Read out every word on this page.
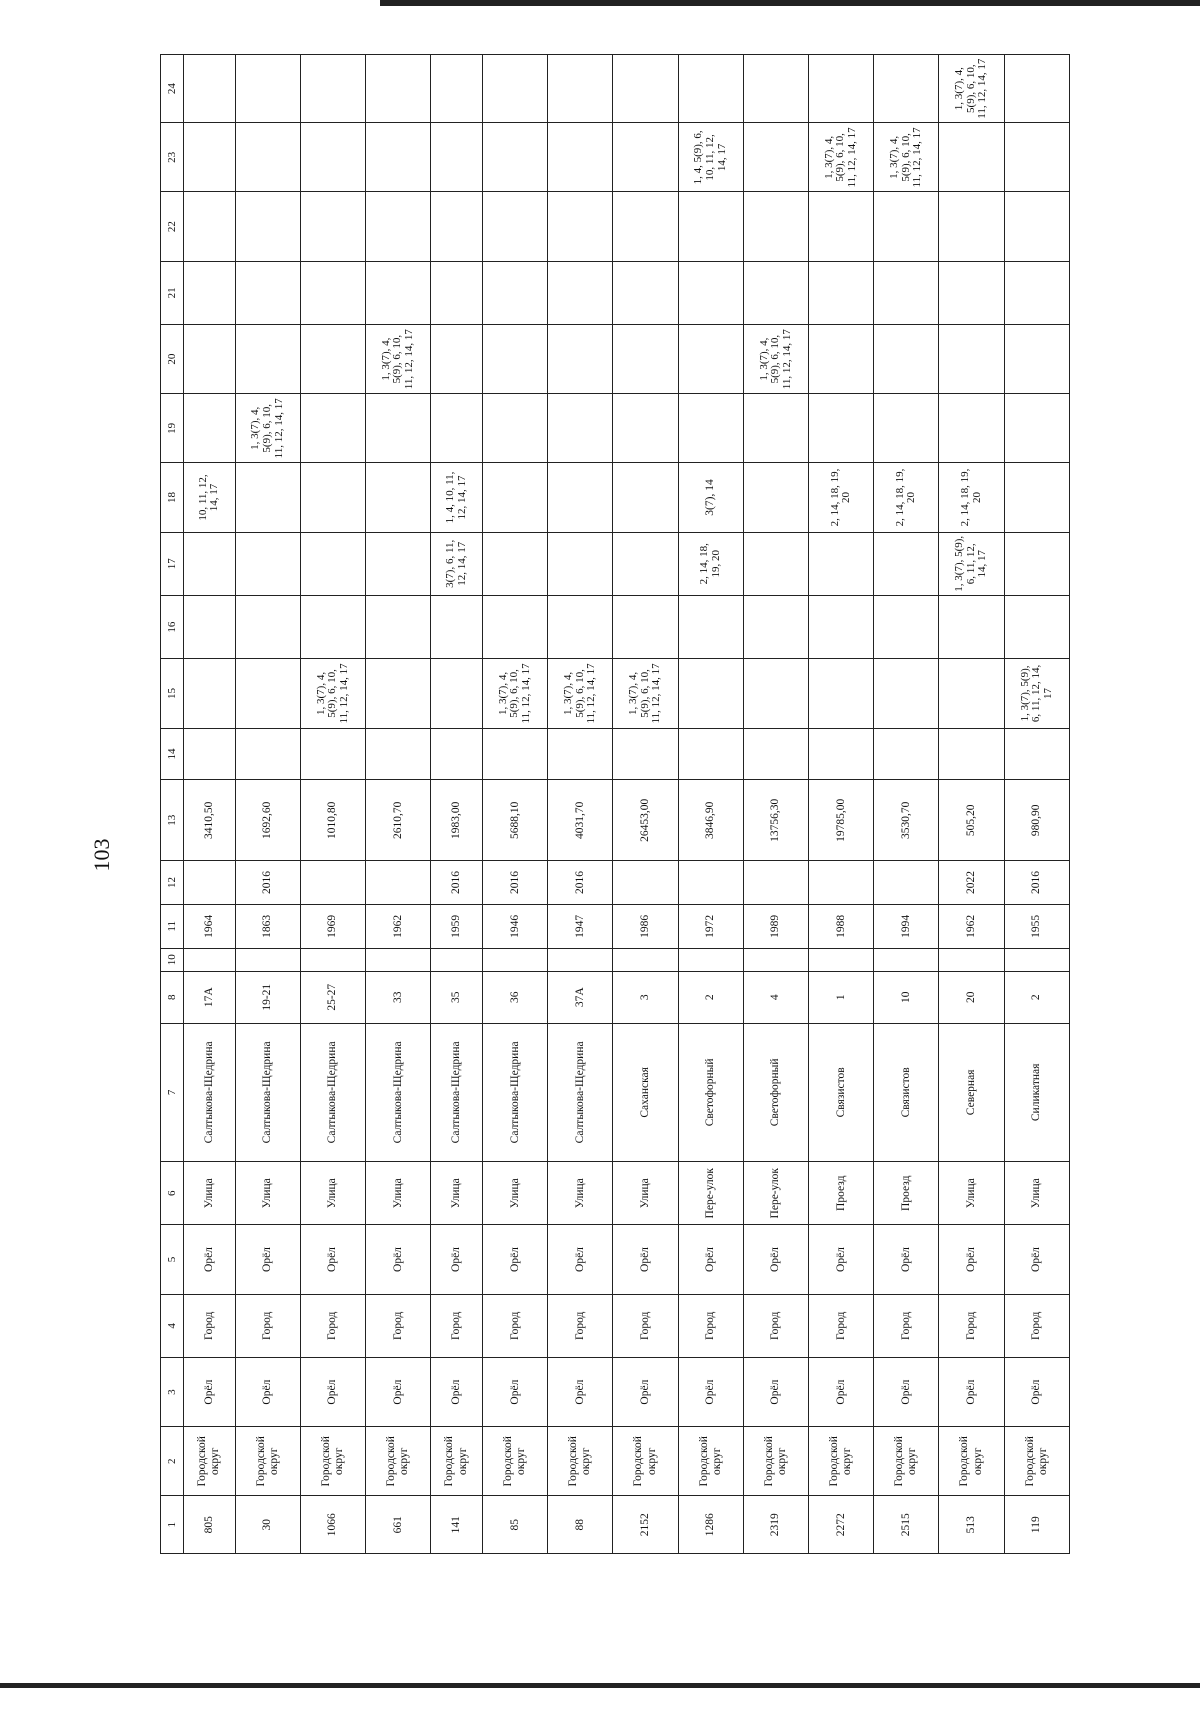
103
1	2	3	4	5	6	7	8	10	11	12	13	14	15	16	17	18	19	20	21	22	23	24
805	Городской округ	Орёл	Город	Орёл	Улица	Салтыкова-Щедрина	17А		1964		3410,50					10, 11, 12, 14, 17						
30	Городской округ	Орёл	Город	Орёл	Улица	Салтыкова-Щедрина	19-21		1863	2016	1692,60						1, 3(7), 4, 5(9), 6, 10, 11, 12, 14, 17					
1066	Городской округ	Орёл	Город	Орёл	Улица	Салтыкова-Щедрина	25-27		1969		1010,80		1, 3(7), 4, 5(9), 6, 10, 11, 12, 14, 17									
661	Городской округ	Орёл	Город	Орёл	Улица	Салтыкова-Щедрина	33		1962		2610,70							1, 3(7), 4, 5(9), 6, 10, 11, 12, 14, 17				
141	Городской округ	Орёл	Город	Орёл	Улица	Салтыкова-Щедрина	35		1959	2016	1983,00				3(7), 6, 11, 12, 14, 17	1, 4, 10, 11, 12, 14, 17						
85	Городской округ	Орёл	Город	Орёл	Улица	Салтыкова-Щедрина	36		1946	2016	5688,10		1, 3(7), 4, 5(9), 6, 10, 11, 12, 14, 17									
88	Городской округ	Орёл	Город	Орёл	Улица	Салтыкова-Щедрина	37А		1947	2016	4031,70		1, 3(7), 4, 5(9), 6, 10, 11, 12, 14, 17									
2152	Городской округ	Орёл	Город	Орёл	Улица	Саханская	3		1986		26453,00		1, 3(7), 4, 5(9), 6, 10, 11, 12, 14, 17									
1286	Городской округ	Орёл	Город	Орёл	Пере-улок	Светофорный	2		1972		3846,90				2, 14, 18, 19, 20	3(7), 14					1, 4, 5(9), 6, 10, 11, 12, 14, 17	
2319	Городской округ	Орёл	Город	Орёл	Пере-улок	Светофорный	4		1989		13756,30							1, 3(7), 4, 5(9), 6, 10, 11, 12, 14, 17				
2272	Городской округ	Орёл	Город	Орёл	Проезд	Связистов	1		1988		19785,00					2, 14, 18, 19, 20					1, 3(7), 4, 5(9), 6, 10, 11, 12, 14, 17	
2515	Городской округ	Орёл	Город	Орёл	Проезд	Связистов	10		1994		3530,70					2, 14, 18, 19, 20					1, 3(7), 4, 5(9), 6, 10, 11, 12, 14, 17	
513	Городской округ	Орёл	Город	Орёл	Улица	Северная	20		1962	2022	505,20				1, 3(7), 5(9), 6, 11, 12, 14, 17	2, 14, 18, 19, 20						1, 3(7), 4, 5(9), 6, 10, 11, 12, 14, 17
119	Городской округ	Орёл	Город	Орёл	Улица	Силикатная	2		1955	2016	980,90		1, 3(7), 5(9), 6, 11, 12, 14, 17									
